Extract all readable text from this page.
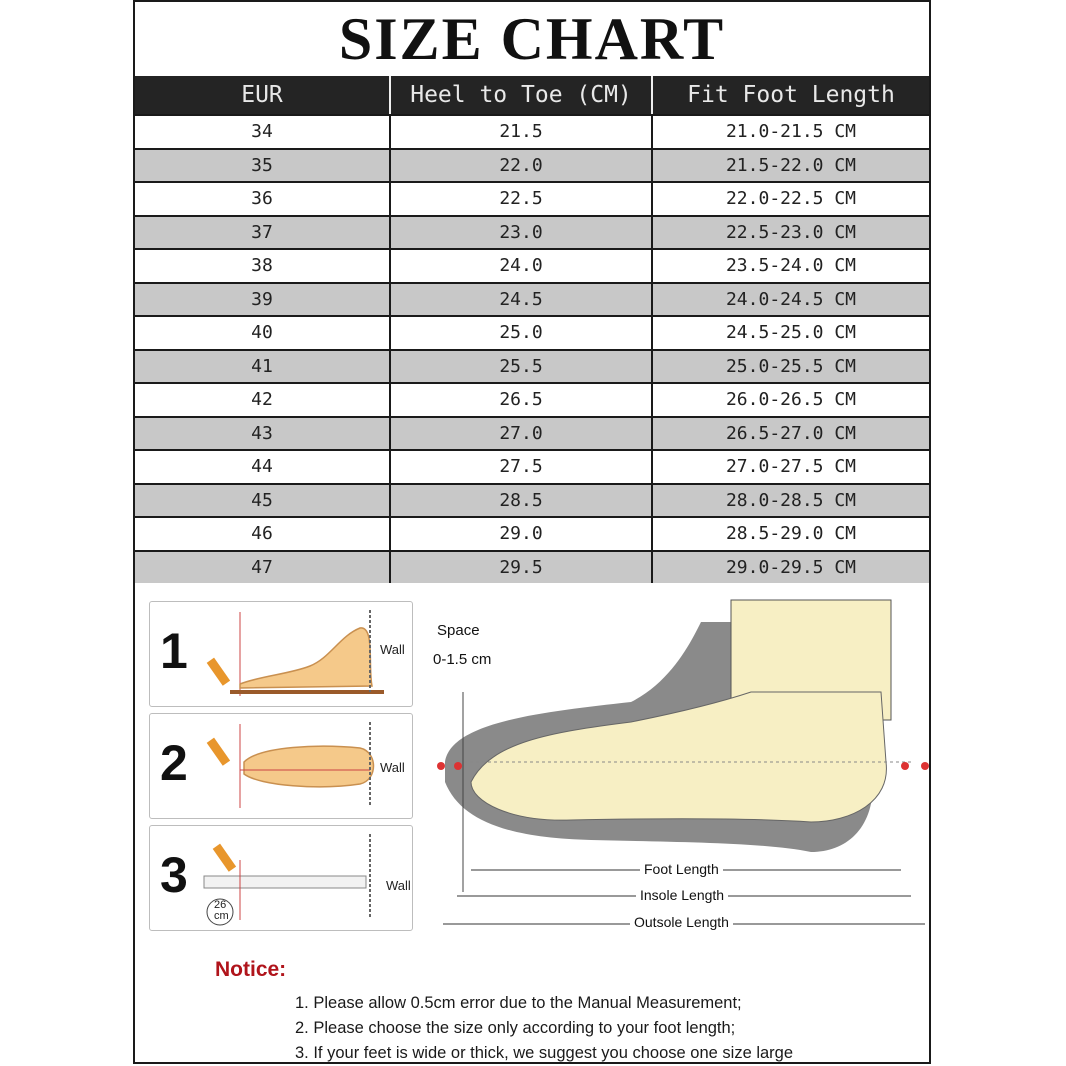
SIZE CHART
EUR	Heel to Toe (CM)	Fit Foot Length
34	21.5	21.0-21.5 CM
35	22.0	21.5-22.0 CM
36	22.5	22.0-22.5 CM
37	23.0	22.5-23.0 CM
38	24.0	23.5-24.0 CM
39	24.5	24.0-24.5 CM
40	25.0	24.5-25.0 CM
41	25.5	25.0-25.5 CM
42	26.5	26.0-26.5 CM
43	27.0	26.5-27.0 CM
44	27.5	27.0-27.5 CM
45	28.5	28.0-28.5 CM
46	29.0	28.5-29.0 CM
47	29.5	29.0-29.5 CM
1	Wall
2	Wall
3
26
cm
Wall
Space
0-1.5 cm
Foot Length
Insole Length
Outsole Length
Notice:
1. Please allow 0.5cm error due to the Manual Measurement;
2. Please choose the size only according to your foot length;
3. If your feet is wide or thick, we suggest you choose one size large
